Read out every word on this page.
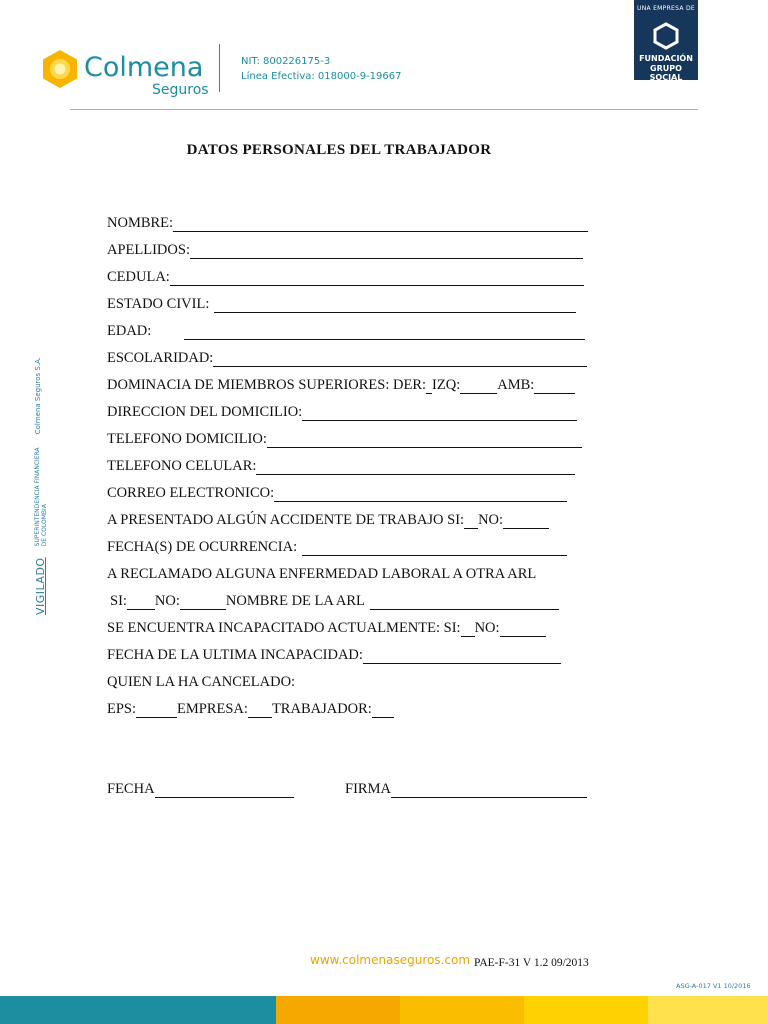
Colmena
Seguros
NIT: 800226175-3
Línea Efectiva: 018000-9-19667
UNA EMPRESA DE
FUNDACIÓN
GRUPO SOCIAL
$^{VIGILADO}$ SUPERINTENDENCIA FINANCIERA
DE COLOMBIA $^{Colmena Seguros S.A.}$
DATOS PERSONALES DEL TRABAJADOR
NOMBRE:
APELLIDOS:
CEDULA:
ESTADO CIVIL:
EDAD:
ESCOLARIDAD:
DOMINACIA DE MIEMBROS SUPERIORES: DER: IZQ:	AMB:
DIRECCION DEL DOMICILIO:
TELEFONO DOMICILIO:
TELEFONO CELULAR:
CORREO ELECTRONICO:
A PRESENTADO ALGÚN ACCIDENTE DE TRABAJO SI: NO:
FECHA(S) DE OCURRENCIA:
A RECLAMADO ALGUNA ENFERMEDAD LABORAL A OTRA ARL
SI: NO:	NOMBRE DE LA ARL
SE ENCUENTRA INCAPACITADO ACTUALMENTE: SI: NO:
FECHA DE LA ULTIMA INCAPACIDAD:
QUIEN LA HA CANCELADO:
EPS:	EMPRESA: TRABAJADOR:
FECHA	FIRMA
www.colmenaseguros.com PAE-F-31 V 1.2 09/2013
ASG-A-017 V1 10/2016
